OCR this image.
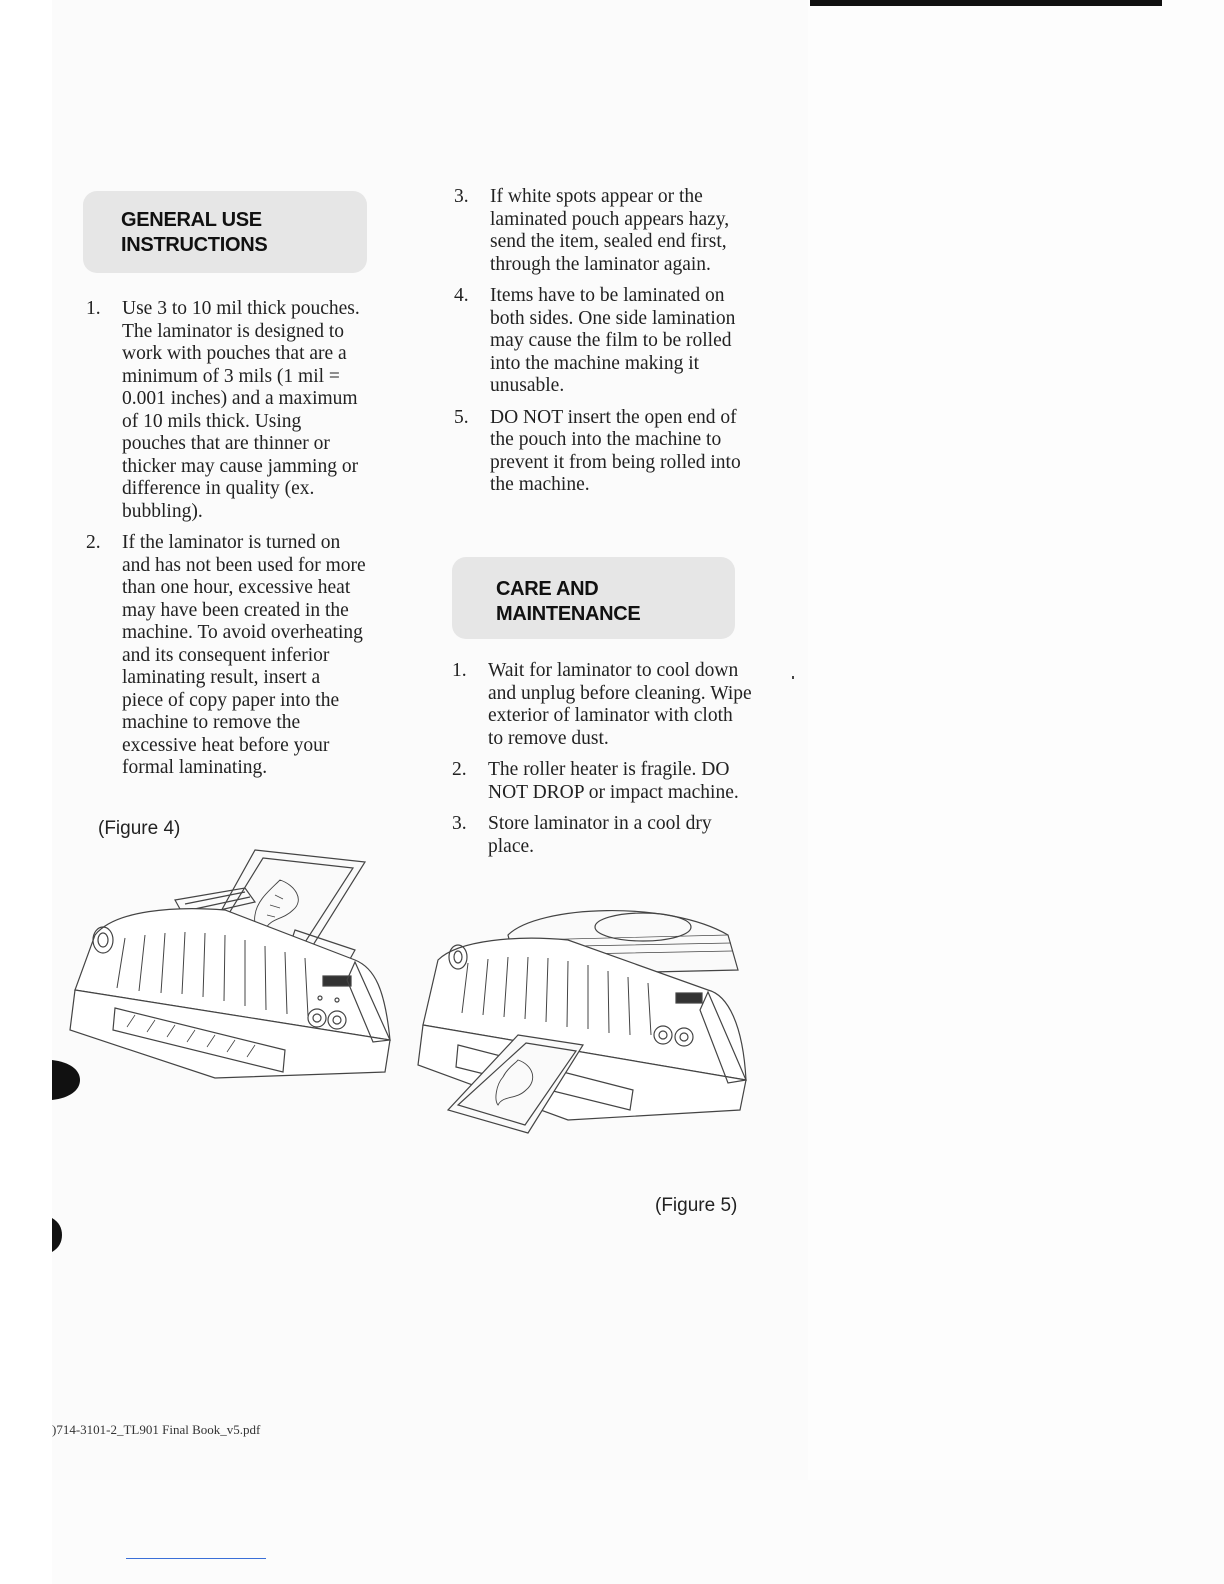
GENERAL USE
INSTRUCTIONS
1. Use 3 to 10 mil thick pouches. The laminator is designed to work with pouches that are a minimum of 3 mils (1 mil = 0.001 inches) and a maximum of 10 mils thick. Using pouches that are thinner or thicker may cause jamming or difference in quality (ex. bubbling).
2. If the laminator is turned on and has not been used for more than one hour, excessive heat may have been created in the machine. To avoid overheating and its consequent inferior laminating result, insert a piece of copy paper into the machine to remove the excessive heat before your formal laminating.
3. If white spots appear or the laminated pouch appears hazy, send the item, sealed end first, through the laminator again.
4. Items have to be laminated on both sides. One side lamination may cause the film to be rolled into the machine making it unusable.
5. DO NOT insert the open end of the pouch into the machine to prevent it from being rolled into the machine.
CARE AND
MAINTENANCE
1. Wait for laminator to cool down and unplug before cleaning. Wipe exterior of laminator with cloth to remove dust.
2. The roller heater is fragile. DO NOT DROP or impact machine.
3. Store laminator in a cool dry place.
(Figure 4)
(Figure 5)
)714-3101-2_TL901 Final Book_v5.pdf
